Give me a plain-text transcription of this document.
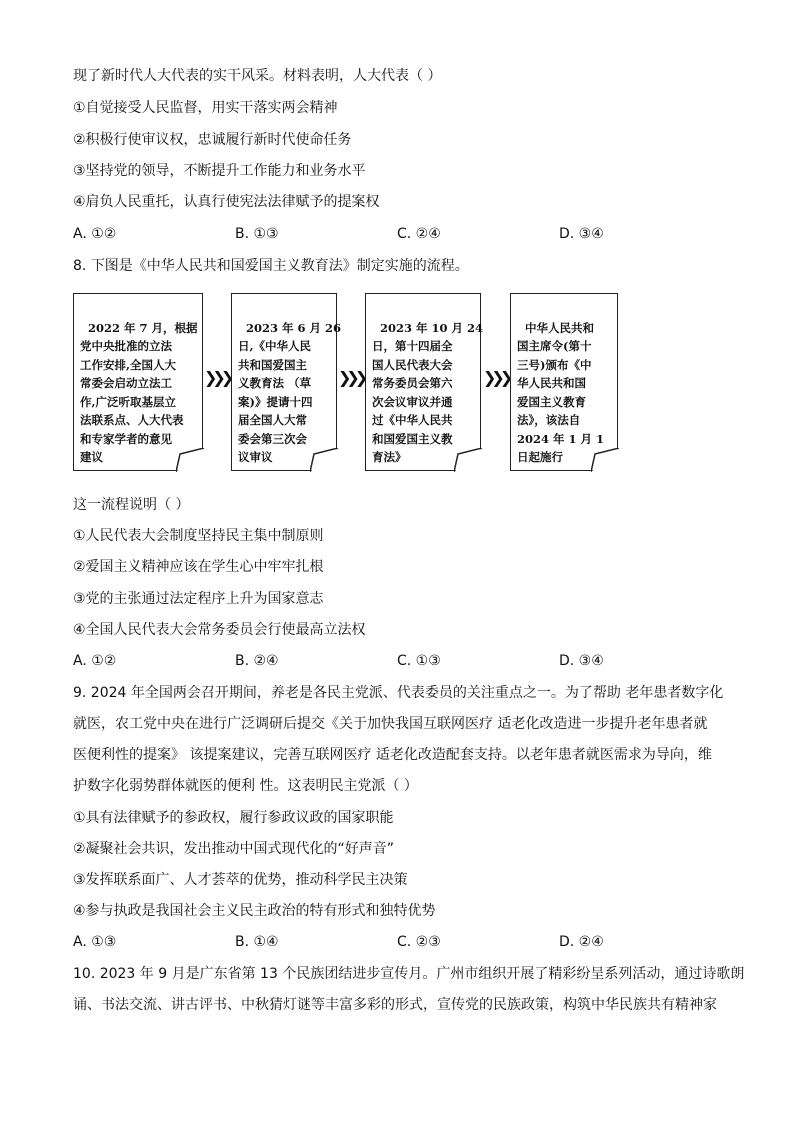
现了新时代人大代表的实干风采。材料表明，人大代表（ ）
①自觉接受人民监督，用实干落实两会精神
②积极行使审议权，忠诚履行新时代使命任务
③坚持党的领导，不断提升工作能力和业务水平
④肩负人民重托，认真行使宪法法律赋予的提案权
A. ①②	B. ①③	C. ②④	D. ③④
8. 下图是《中华人民共和国爱国主义教育法》制定实施的流程。

2022 年 7 月，根据
党中央批准的立法
工作安排,全国人大
常委会启动立法工
作,广泛听取基层立
法联系点、人大代表
和专家学者的意见
建议

❯❯❯

2023 年 6 月 26
日,《中华人民
共和国爱国主
义教育法 （草
案)》提请十四
届全国人大常
委会第三次会
议审议

❯❯❯

2023 年 10 月 24
日，第十四届全
国人民代表大会
常务委员会第六
次会议审议并通
过《中华人民共
和国爱国主义教
育法》

❯❯❯

中华人民共和
国主席令(第十
三号)颁布《中
华人民共和国
爱国主义教育
法》，该法自
2024 年 1 月 1
日起施行

这一流程说明（ ）
①人民代表大会制度坚持民主集中制原则
②爱国主义精神应该在学生心中牢牢扎根
③党的主张通过法定程序上升为国家意志
④全国人民代表大会常务委员会行使最高立法权
A. ①②	B. ②④	C. ①③	D. ③④
9. 2024 年全国两会召开期间，养老是各民主党派、代表委员的关注重点之一。为了帮助 老年患者数字化
就医，农工党中央在进行广泛调研后提交《关于加快我国互联网医疗 适老化改造进一步提升老年患者就
医便利性的提案》 该提案建议，完善互联网医疗 适老化改造配套支持。以老年患者就医需求为导向，维
护数字化弱势群体就医的便利 性。这表明民主党派（ ）
①具有法律赋予的参政权，履行参政议政的国家职能
②凝聚社会共识，发出推动中国式现代化的“好声音”
③发挥联系面广、人才荟萃的优势，推动科学民主决策
④参与执政是我国社会主义民主政治的特有形式和独特优势
A. ①③	B. ①④	C. ②③	D. ②④
10. 2023 年 9 月是广东省第 13 个民族团结进步宣传月。广州市组织开展了精彩纷呈系列活动，通过诗歌朗
诵、书法交流、讲古评书、中秋猜灯谜等丰富多彩的形式，宣传党的民族政策，构筑中华民族共有精神家
